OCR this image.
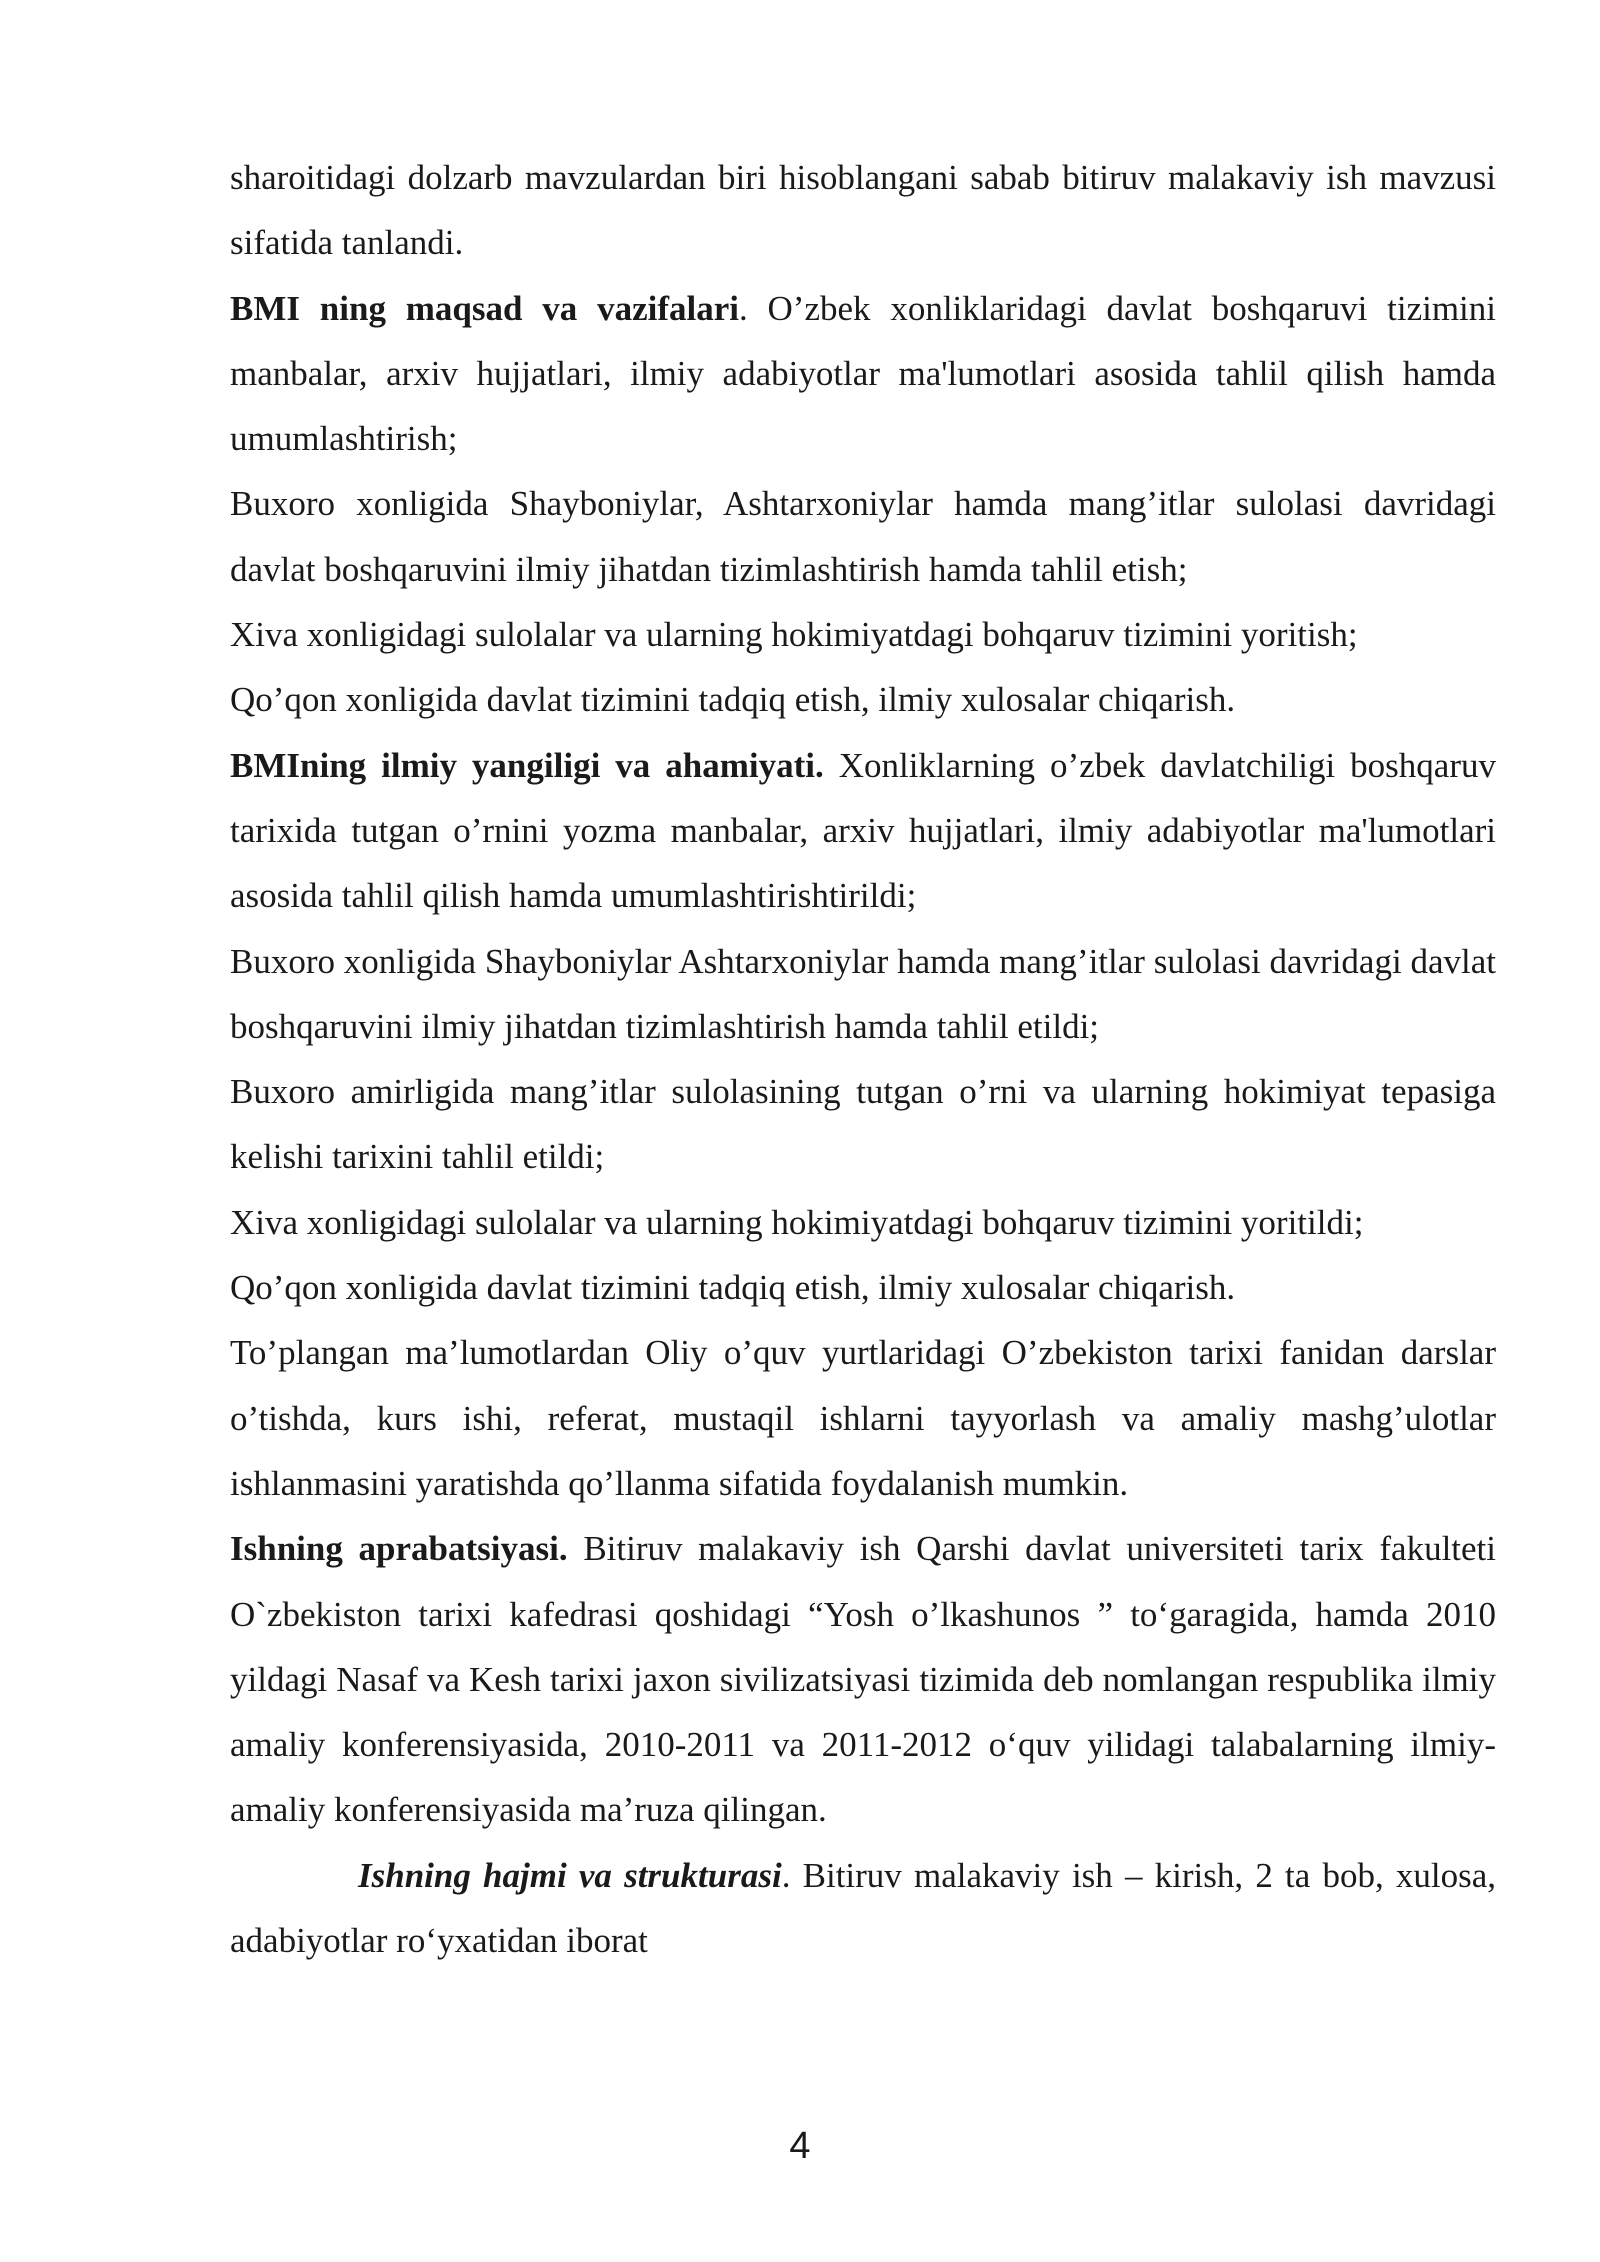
sharoitidagi dolzarb mavzulardan biri hisoblangani sabab bitiruv malakaviy ish mavzusi sifatida tanlandi.

BMI ning maqsad va vazifalari. O’zbek xonliklaridagi davlat boshqaruvi tizimini manbalar, arxiv hujjatlari, ilmiy adabiyotlar ma'lumotlari asosida tahlil qilish hamda umumlashtirish;

Buxoro xonligida Shayboniylar, Ashtarxoniylar hamda mang’itlar sulolasi davridagi davlat boshqaruvini ilmiy jihatdan tizimlashtirish hamda tahlil etish;

Xiva xonligidagi sulolalar va ularning hokimiyatdagi bohqaruv tizimini yoritish;

Qo’qon xonligida davlat tizimini tadqiq etish, ilmiy xulosalar chiqarish.

BMIning ilmiy yangiligi va ahamiyati. Xonliklarning o’zbek davlatchiligi boshqaruv tarixida tutgan o’rnini yozma manbalar, arxiv hujjatlari, ilmiy adabiyotlar ma'lumotlari asosida tahlil qilish hamda umumlashtirishtirildi;

Buxoro xonligida Shayboniylar Ashtarxoniylar hamda mang’itlar sulolasi davridagi davlat boshqaruvini ilmiy jihatdan tizimlashtirish hamda tahlil etildi;

Buxoro amirligida mang’itlar sulolasining tutgan o’rni va ularning hokimiyat tepasiga kelishi tarixini tahlil etildi;

Xiva xonligidagi sulolalar va ularning hokimiyatdagi bohqaruv tizimini yoritildi;

Qo’qon xonligida davlat tizimini tadqiq etish, ilmiy xulosalar chiqarish.

To’plangan ma’lumotlardan Oliy o’quv yurtlaridagi O’zbekiston tarixi fanidan darslar o’tishda, kurs ishi, referat, mustaqil ishlarni tayyorlash va amaliy mashg’ulotlar ishlanmasini yaratishda qo’llanma sifatida foydalanish mumkin.

Ishning aprabatsiyasi. Bitiruv malakaviy ish Qarshi davlat universiteti tarix fakulteti O`zbekiston tarixi kafedrasi qoshidagi “Yosh o’lkashunos ” to‘garagida, hamda 2010 yildagi Nasaf va Kesh tarixi jaxon sivilizatsiyasi tizimida deb nomlangan respublika ilmiy amaliy konferensiyasida, 2010-2011 va 2011-2012 o‘quv yilidagi talabalarning ilmiy- amaliy konferensiyasida ma’ruza qilingan.

Ishning hajmi va strukturasi. Bitiruv malakaviy ish – kirish, 2 ta bob, xulosa, adabiyotlar ro‘yxatidan iborat

4
